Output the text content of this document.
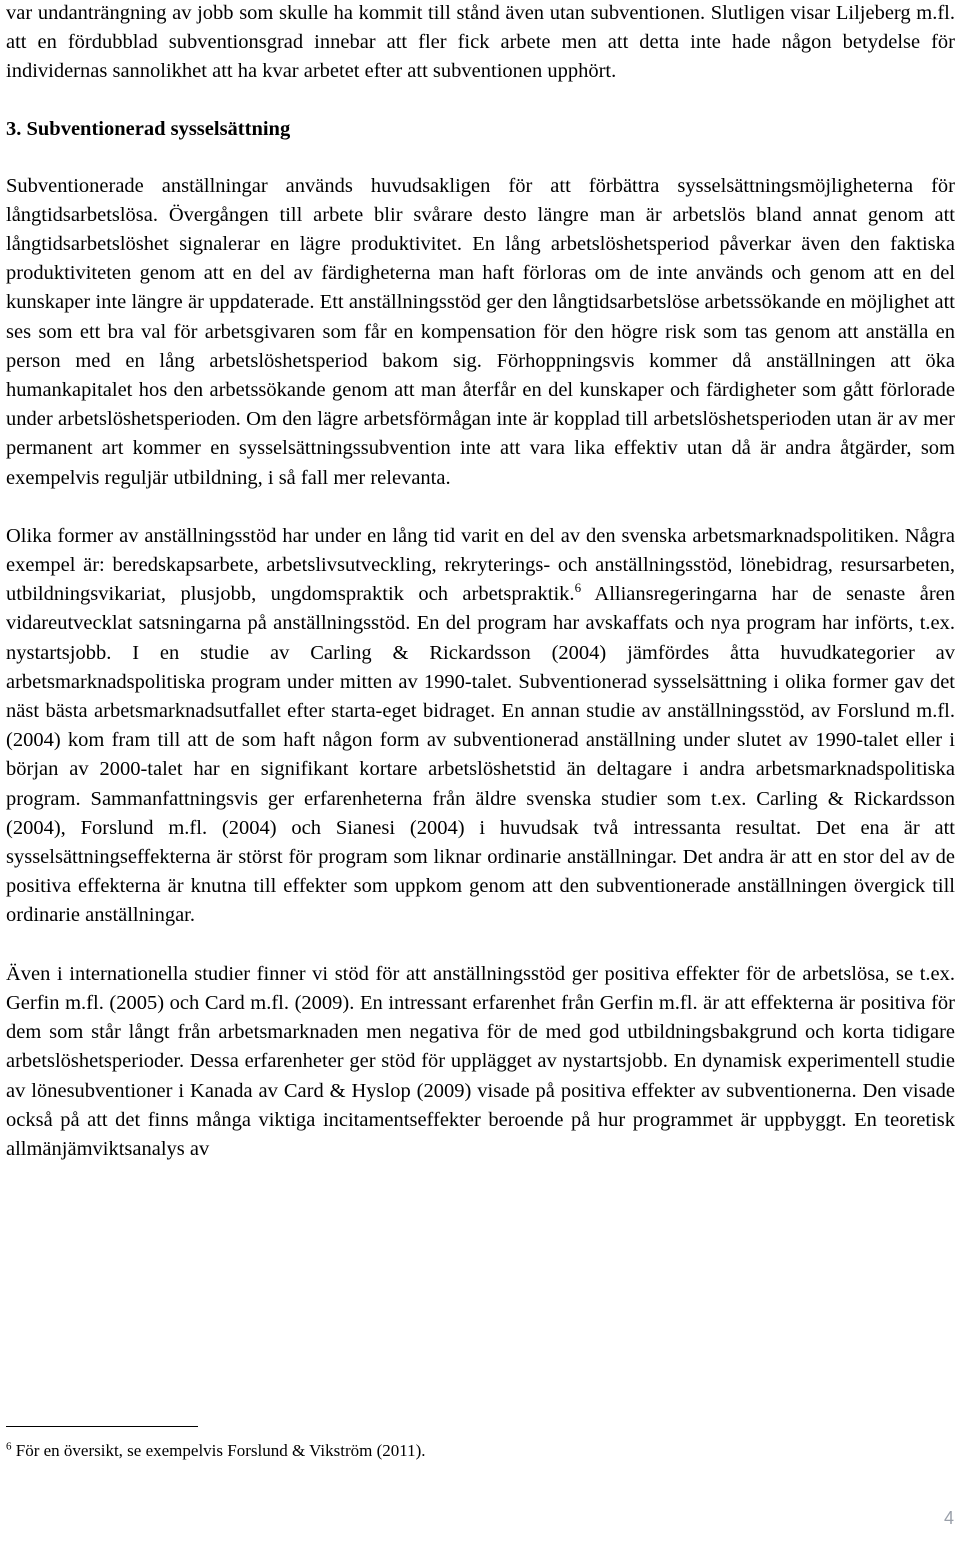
var undanträngning av jobb som skulle ha kommit till stånd även utan subventionen. Slutligen visar Liljeberg m.fl. att en fördubblad subventionsgrad innebar att fler fick arbete men att detta inte hade någon betydelse för individernas sannolikhet att ha kvar arbetet efter att subventionen upphört.

3. Subventionerad sysselsättning

Subventionerade anställningar används huvudsakligen för att förbättra sysselsättningsmöjligheterna för långtidsarbetslösa. Övergången till arbete blir svårare desto längre man är arbetslös bland annat genom att långtidsarbetslöshet signalerar en lägre produktivitet. En lång arbetslöshetsperiod påverkar även den faktiska produktiviteten genom att en del av färdigheterna man haft förloras om de inte används och genom att en del kunskaper inte längre är uppdaterade. Ett anställningsstöd ger den långtidsarbetslöse arbetssökande en möjlighet att ses som ett bra val för arbetsgivaren som får en kompensation för den högre risk som tas genom att anställa en person med en lång arbetslöshetsperiod bakom sig. Förhoppningsvis kommer då anställningen att öka humankapitalet hos den arbetssökande genom att man återfår en del kunskaper och färdigheter som gått förlorade under arbetslöshetsperioden. Om den lägre arbetsförmågan inte är kopplad till arbetslöshetsperioden utan är av mer permanent art kommer en sysselsättningssubvention inte att vara lika effektiv utan då är andra åtgärder, som exempelvis reguljär utbildning, i så fall mer relevanta.

Olika former av anställningsstöd har under en lång tid varit en del av den svenska arbetsmarknadspolitiken. Några exempel är: beredskapsarbete, arbetslivsutveckling, rekryterings- och anställningsstöd, lönebidrag, resursarbeten, utbildningsvikariat, plusjobb, ungdomspraktik och arbetspraktik.$^6$ Alliansregeringarna har de senaste åren vidareutvecklat satsningarna på anställningsstöd. En del program har avskaffats och nya program har införts, t.ex. nystartsjobb. I en studie av Carling & Rickardsson (2004) jämfördes åtta huvudkategorier av arbetsmarknadspolitiska program under mitten av 1990-talet. Subventionerad sysselsättning i olika former gav det näst bästa arbetsmarknadsutfallet efter starta-eget bidraget. En annan studie av anställningsstöd, av Forslund m.fl. (2004) kom fram till att de som haft någon form av subventionerad anställning under slutet av 1990-talet eller i början av 2000-talet har en signifikant kortare arbetslöshetstid än deltagare i andra arbetsmarknadspolitiska program. Sammanfattningsvis ger erfarenheterna från äldre svenska studier som t.ex. Carling & Rickardsson (2004), Forslund m.fl. (2004) och Sianesi (2004) i huvudsak två intressanta resultat. Det ena är att sysselsättningseffekterna är störst för program som liknar ordinarie anställningar. Det andra är att en stor del av de positiva effekterna är knutna till effekter som uppkom genom att den subventionerade anställningen övergick till ordinarie anställningar.

Även i internationella studier finner vi stöd för att anställningsstöd ger positiva effekter för de arbetslösa, se t.ex. Gerfin m.fl. (2005) och Card m.fl. (2009). En intressant erfarenhet från Gerfin m.fl. är att effekterna är positiva för dem som står långt från arbetsmarknaden men negativa för de med god utbildningsbakgrund och korta tidigare arbetslöshetsperioder. Dessa erfarenheter ger stöd för upplägget av nystartsjobb. En dynamisk experimentell studie av lönesubventioner i Kanada av Card & Hyslop (2009) visade på positiva effekter av subventionerna. Den visade också på att det finns många viktiga incitamentseffekter beroende på hur programmet är uppbyggt. En teoretisk allmänjämviktsanalys av

$^6$ För en översikt, se exempelvis Forslund & Vikström (2011).
4
